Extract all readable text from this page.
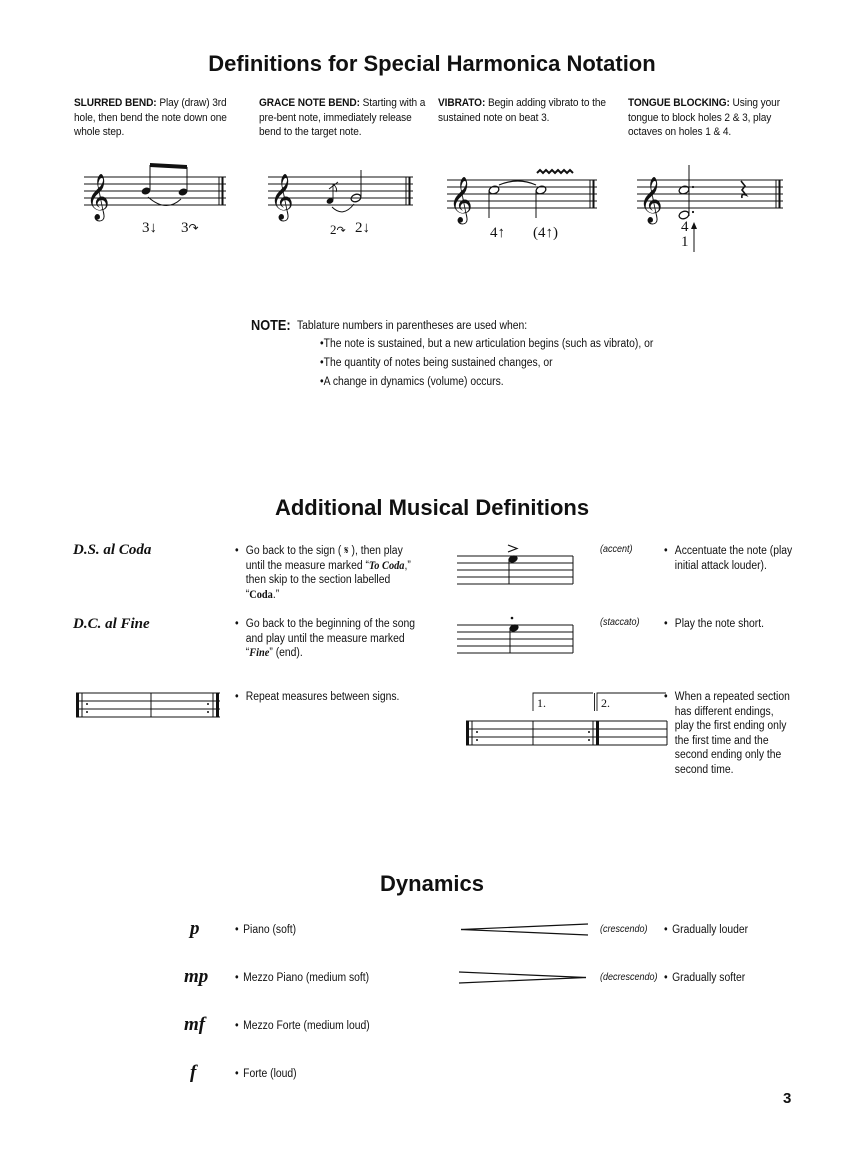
Definitions for Special Harmonica Notation
SLURRED BEND: Play (draw) 3rd hole, then bend the note down one whole step.
GRACE NOTE BEND: Starting with a pre-bent note, immediately release bend to the target note.
VIBRATO: Begin adding vibrato to the sustained note on beat 3.
TONGUE BLOCKING: Using your tongue to block holes 2 & 3, play octaves on holes 1 & 4.
𝄞
3↓ 3↷
𝄞
2↷ 2↓
𝄞
4↑ (4↑)
𝄞
4
1
NOTE: Tablature numbers in parentheses are used when:
•The note is sustained, but a new articulation begins (such as vibrato), or
•The quantity of notes being sustained changes, or
•A change in dynamics (volume) occurs.
Additional Musical Definitions
D.S. al Coda	• Go back to the sign ( 𝄋 ), then play
until the measure marked “To Coda,”
then skip to the section labelled
“Coda.”
D.C. al Fine	• Go back to the beginning of the song
and play until the measure marked
“Fine” (end).
(accent)	• Accentuate the note (play
initial attack louder).
(staccato) • Play the note short.
• Repeat measures between signs.	1.	2.	• When a repeated section
has different endings,
play the first ending only
the first time and the
second ending only the
second time.
Dynamics
p	• Piano (soft)
mp • Mezzo Piano (medium soft)
mf	• Mezzo Forte (medium loud)
f	• Forte (loud)
(crescendo) • Gradually louder
(decrescendo) • Gradually softer
3
